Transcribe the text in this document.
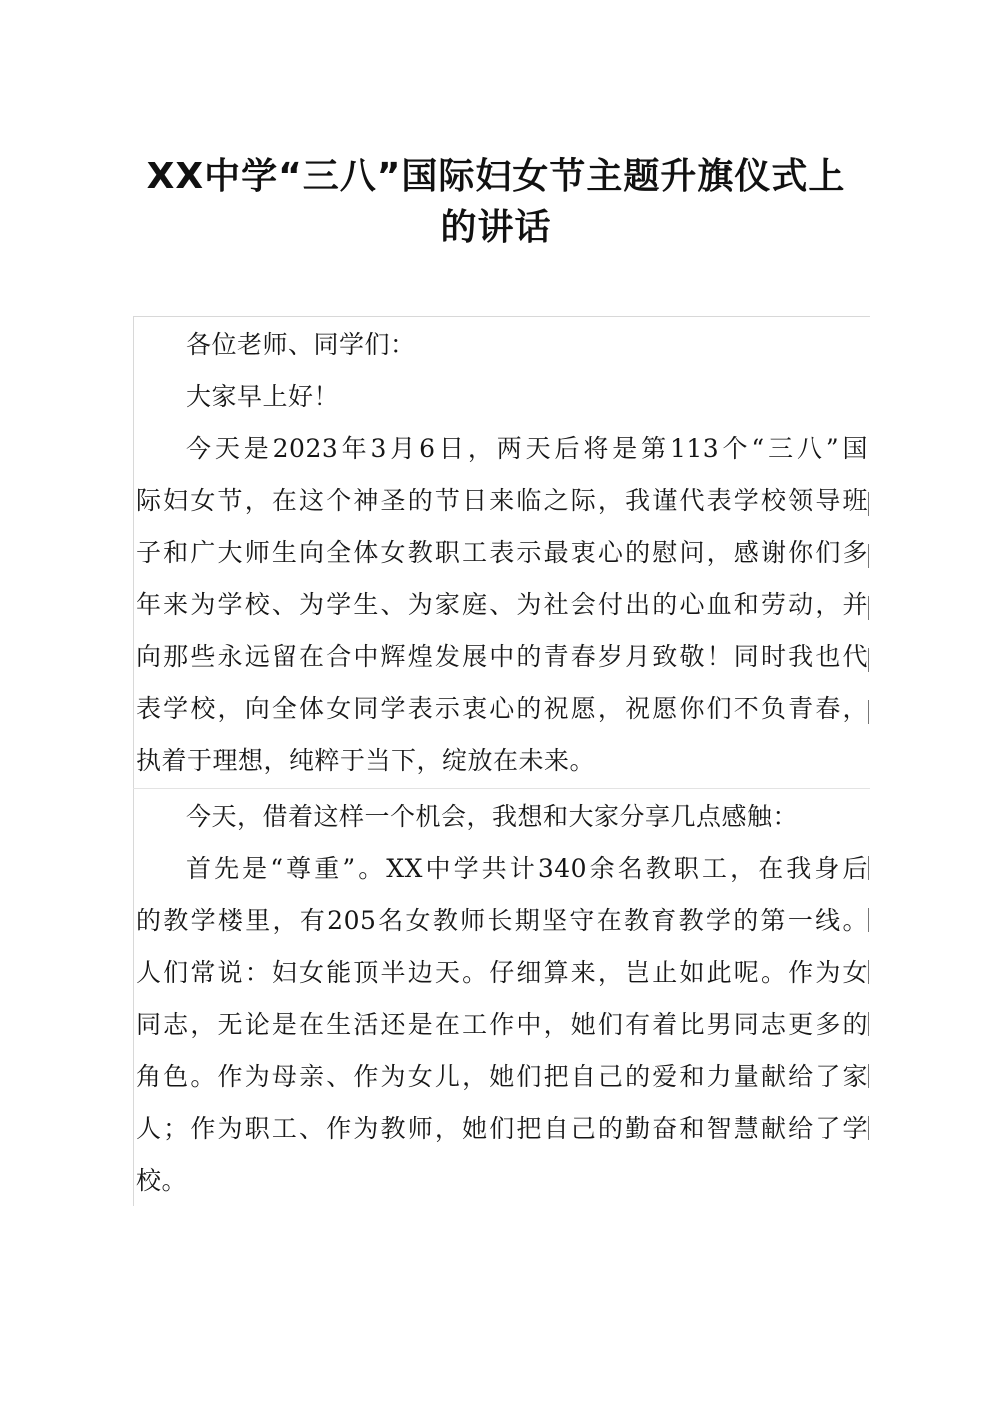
XX中学“三八”国际妇女节主题升旗仪式上
的讲话
各位老师、同学们：
大家早上好！
今天是2023年3月6日，两天后将是第113个“三八”国
际妇女节，在这个神圣的节日来临之际，我谨代表学校领导班
子和广大师生向全体女教职工表示最衷心的慰问，感谢你们多
年来为学校、为学生、为家庭、为社会付出的心血和劳动，并
向那些永远留在合中辉煌发展中的青春岁月致敬！同时我也代
表学校，向全体女同学表示衷心的祝愿，祝愿你们不负青春，
执着于理想，纯粹于当下，绽放在未来。
今天，借着这样一个机会，我想和大家分享几点感触：
首先是“尊重”。XX中学共计340余名教职工，在我身后
的教学楼里，有205名女教师长期坚守在教育教学的第一线。
人们常说：妇女能顶半边天。仔细算来，岂止如此呢。作为女
同志，无论是在生活还是在工作中，她们有着比男同志更多的
角色。作为母亲、作为女儿，她们把自己的爱和力量献给了家
人；作为职工、作为教师，她们把自己的勤奋和智慧献给了学
校。
